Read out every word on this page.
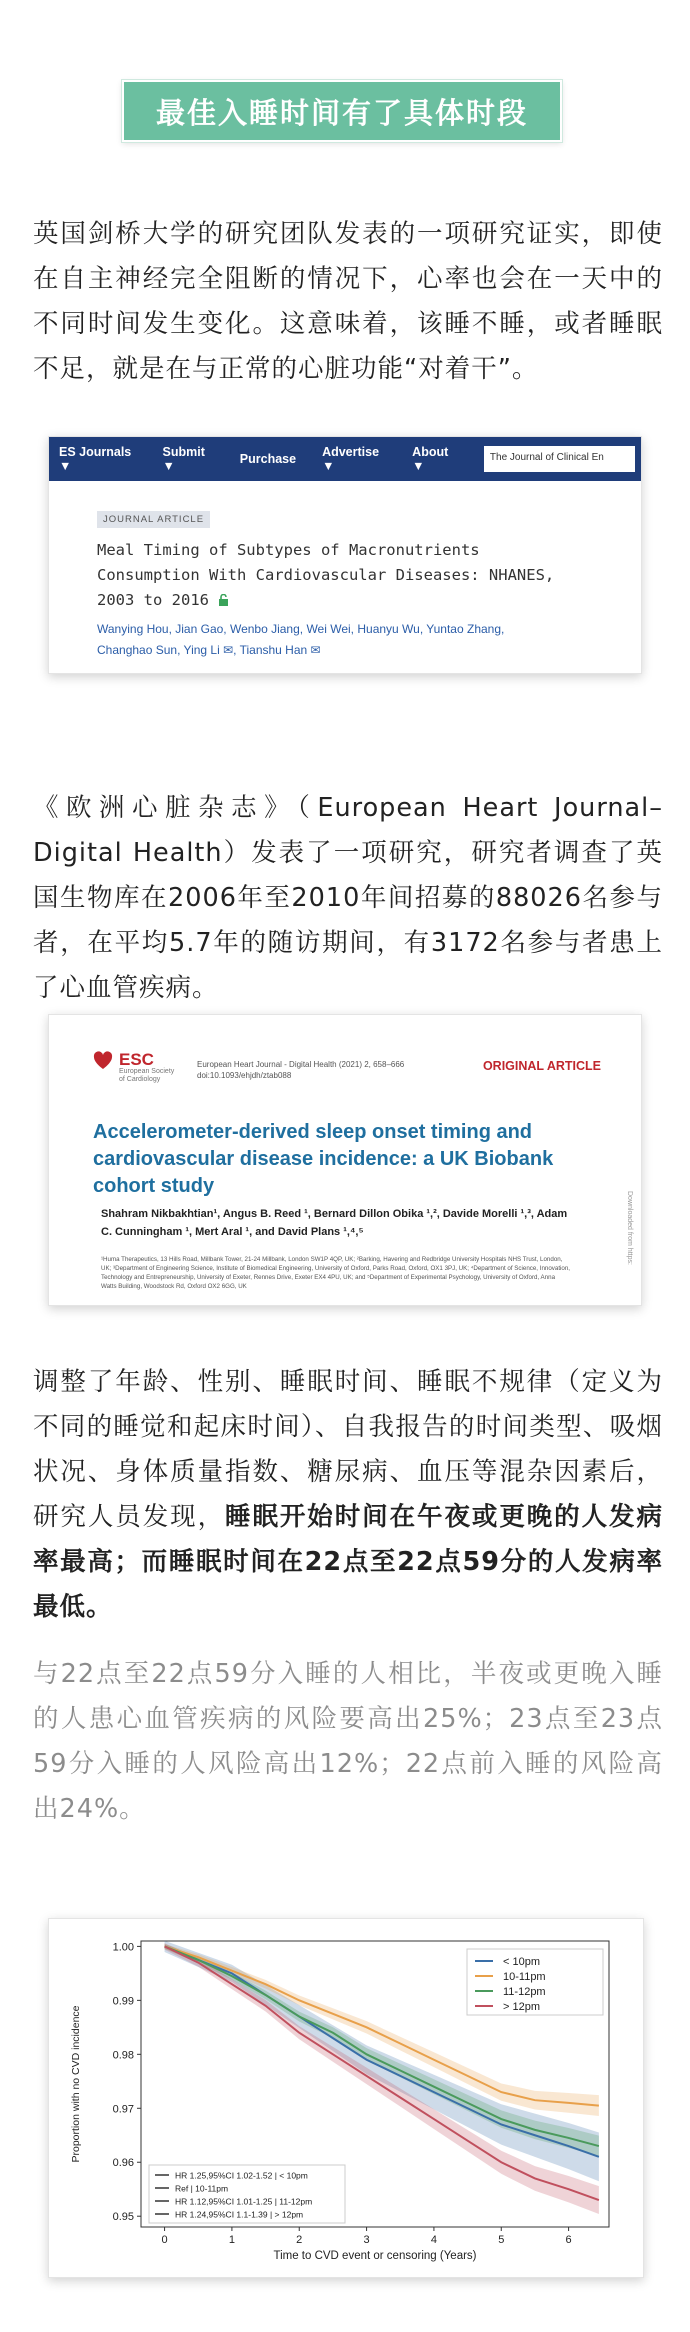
最佳入睡时间有了具体时段

英国剑桥大学的研究团队发表的一项研究证实，即使在自主神经完全阻断的情况下，心率也会在一天中的不同时间发生变化。这意味着，该睡不睡，或者睡眠不足，就是在与正常的心脏功能“对着干”。

ES Journals ▼
Submit ▼	Purchase Advertise ▼
About ▼
The Journal of Clinical En
JOURNAL ARTICLE
Meal Timing of Subtypes of Macronutrients
Consumption With Cardiovascular Diseases: NHANES,
2003 to 2016
Wanying Hou, Jian Gao, Wenbo Jiang, Wei Wei, Huanyu Wu, Yuntao Zhang,
Changhao Sun, Ying Li ✉, Tianshu Han ✉

《欧洲心脏杂志》（European Heart Journal–Digital Health）发表了一项研究，研究者调查了英国生物库在2006年至2010年间招募的88026名参与者，在平均5.7年的随访期间，有3172名参与者患上了心血管疾病。

ESC
European Society
of Cardiology
European Heart Journal - Digital Health (2021) 2, 658–666
doi:10.1093/ehjdh/ztab088
ORIGINAL ARTICLE
Accelerometer-derived sleep onset timing and cardiovascular disease incidence: a UK Biobank cohort study
Shahram Nikbakhtian¹, Angus B. Reed ¹, Bernard Dillon Obika ¹,², Davide Morelli ¹,³, Adam C. Cunningham ¹, Mert Aral ¹, and David Plans ¹,⁴,⁵
¹Huma Therapeutics, 13 Hills Road, Millbank Tower, 21-24 Millbank, London SW1P 4QP, UK; ²Barking, Havering and Redbridge University Hospitals NHS Trust, London, UK; ³Department of Engineering Science, Institute of Biomedical Engineering, University of Oxford, Parks Road, Oxford, OX1 3PJ, UK; ⁴Department of Science, Innovation, Technology and Entrepreneurship, University of Exeter, Rennes Drive, Exeter EX4 4PU, UK; and ⁵Department of Experimental Psychology, University of Oxford, Anna Watts Building, Woodstock Rd, Oxford OX2 6GG, UK
Downloaded from https:

调整了年龄、性别、睡眠时间、睡眠不规律（定义为不同的睡觉和起床时间）、自我报告的时间类型、吸烟状况、身体质量指数、糖尿病、血压等混杂因素后，研究人员发现，睡眠开始时间在午夜或更晚的人发病率最高；而睡眠时间在22点至22点59分的人发病率最低。

与22点至22点59分入睡的人相比，半夜或更晚入睡的人患心血管疾病的风险要高出25%；23点至23点59分入睡的人风险高出12%；22点前入睡的风险高出24%。

0	1	2	3	4	5	6
0.95
0.96
0.97
0.98
0.99
1.00
Time to CVD event or censoring (Years)
Proportion with no CVD incidence
< 10pm
10-11pm
11-12pm
> 12pm
HR 1.25,95%CI 1.02-1.52 | < 10pm
Ref | 10-11pm
HR 1.12,95%CI 1.01-1.25 | 11-12pm
HR 1.24,95%CI 1.1-1.39 | > 12pm
